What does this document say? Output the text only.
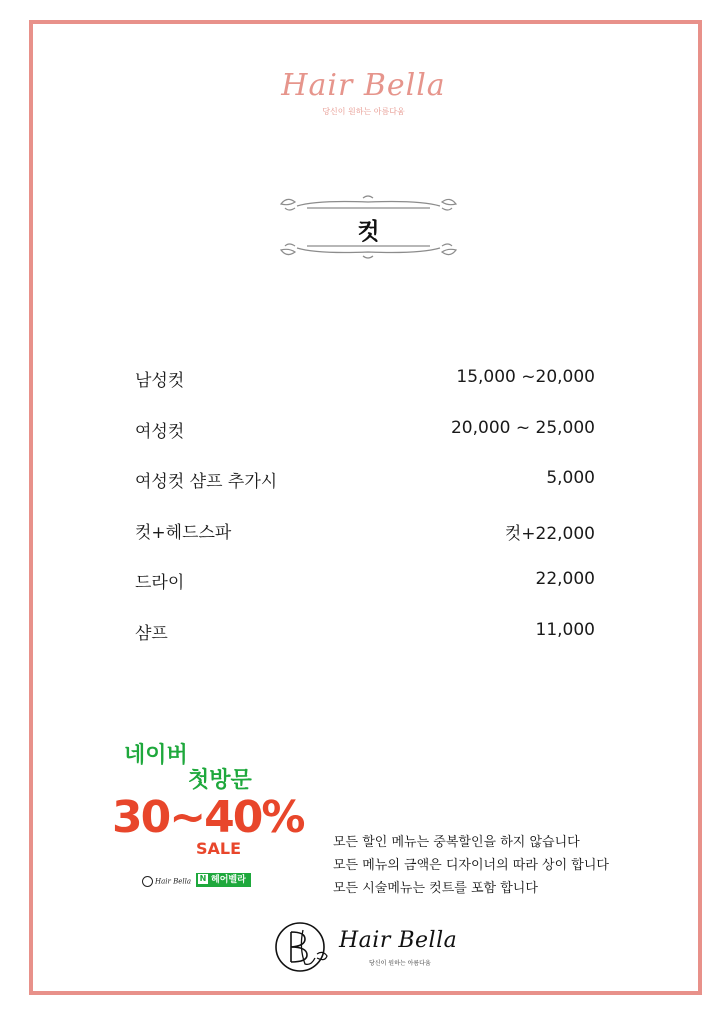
Hair Bella
당신이 원하는 아름다움
컷
남성컷	15,000 ~20,000
여성컷	20,000 ~ 25,000
여성컷 샴프 추가시	5,000
컷+헤드스파	컷+22,000
드라이	22,000
샴프	11,000
네이버
첫방문
30~40%
SALE
Hair Bella	N 헤어벨라
모든 할인 메뉴는 중복할인을 하지 않습니다
모든 메뉴의 금액은 디자이너의 따라 상이 합니다
모든 시술메뉴는 컷트를 포함 합니다
Hair Bella
당신이 원하는 아름다움
